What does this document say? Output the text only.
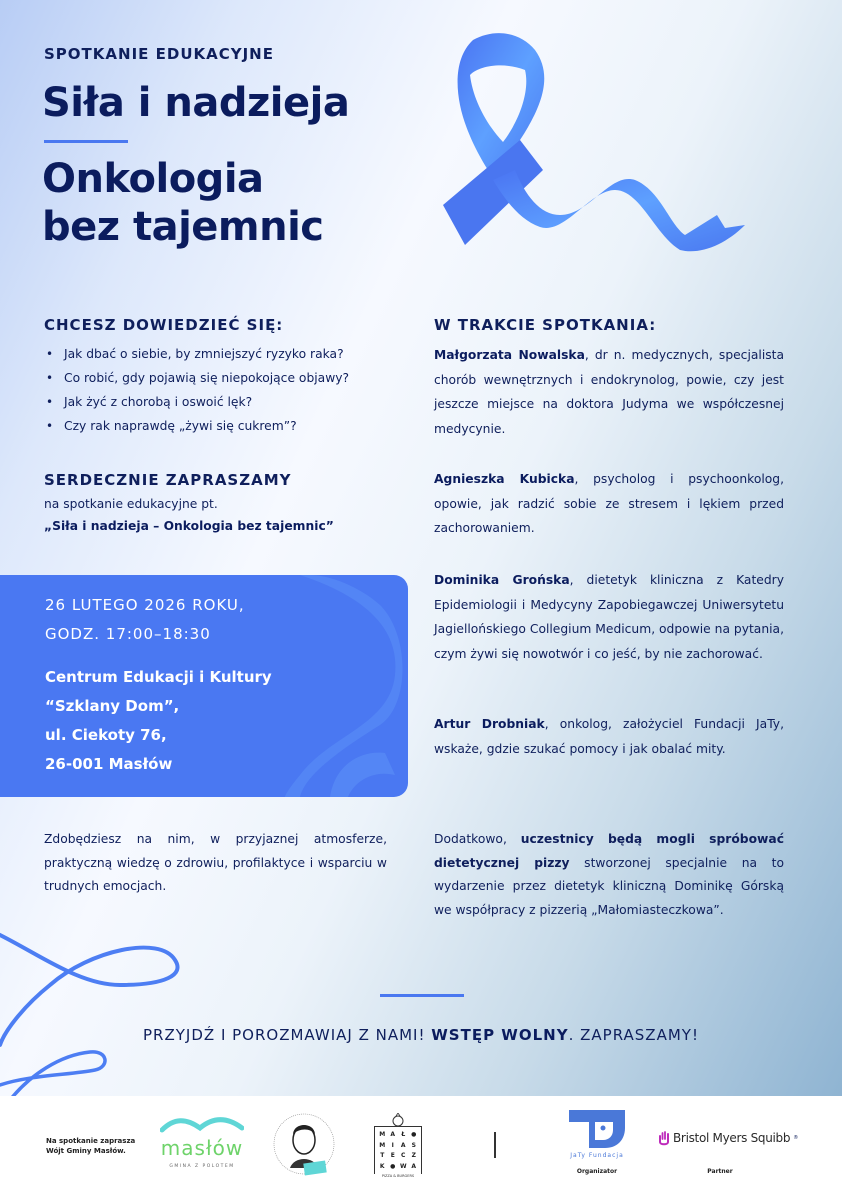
SPOTKANIE EDUKACYJNE
Siła i nadzieja
Onkologia
bez tajemnic
CHCESZ DOWIEDZIEĆ SIĘ:
• Jak dbać o siebie, by zmniejszyć ryzyko raka?
• Co robić, gdy pojawią się niepokojące objawy?
• Jak żyć z chorobą i oswoić lęk?
• Czy rak naprawdę „żywi się cukrem”?
SERDECZNIE ZAPRASZAMY
na spotkanie edukacyjne pt.
„Siła i nadzieja – Onkologia bez tajemnic”
26 LUTEGO 2026 ROKU,
GODZ. 17:00–18:30
Centrum Edukacji i Kultury
“Szklany Dom”,
ul. Ciekoty 76,
26-001 Masłów
W TRAKCIE SPOTKANIA:
Małgorzata Nowalska, dr n. medycznych, specjalista chorób wewnętrznych i endokrynolog, powie, czy jest jeszcze miejsce na doktora Judyma we współczesnej medycynie.
Agnieszka Kubicka, psycholog i psychoonkolog, opowie, jak radzić sobie ze stresem i lękiem przed zachorowaniem.
Dominika Grońska, dietetyk kliniczna z Katedry Epidemiologii i Medycyny Zapobiegawczej Uniwersytetu Jagiellońskiego Collegium Medicum, odpowie na pytania, czym żywi się nowotwór i co jeść, by nie zachorować.
Artur Drobniak, onkolog, założyciel Fundacji JaTy, wskaże, gdzie szukać pomocy i jak obalać mity.
Zdobędziesz na nim, w przyjaznej atmosferze, praktyczną wiedzę o zdrowiu, profilaktyce i wsparciu w trudnych emocjach.
Dodatkowo, uczestnicy będą mogli spróbować dietetycznej pizzy stworzonej specjalnie na to wydarzenie przez dietetyk kliniczną Dominikę Górską we współpracy z pizzerią „Małomiasteczkowa”.
PRZYJDŹ I POROZMAWIAJ Z NAMI! WSTĘP WOLNY. ZAPRASZAMY!
Na spotkanie zaprasza
Wójt Gminy Masłów.	masłów
GMINA Z POLOTEM
M A	Ł ●
M	I	A	S
T	E	C	Z
K ● W A
PIZZA & BURGERS
JaTy Fundacja
Organizator
Bristol Myers Squibb ®
Partner
